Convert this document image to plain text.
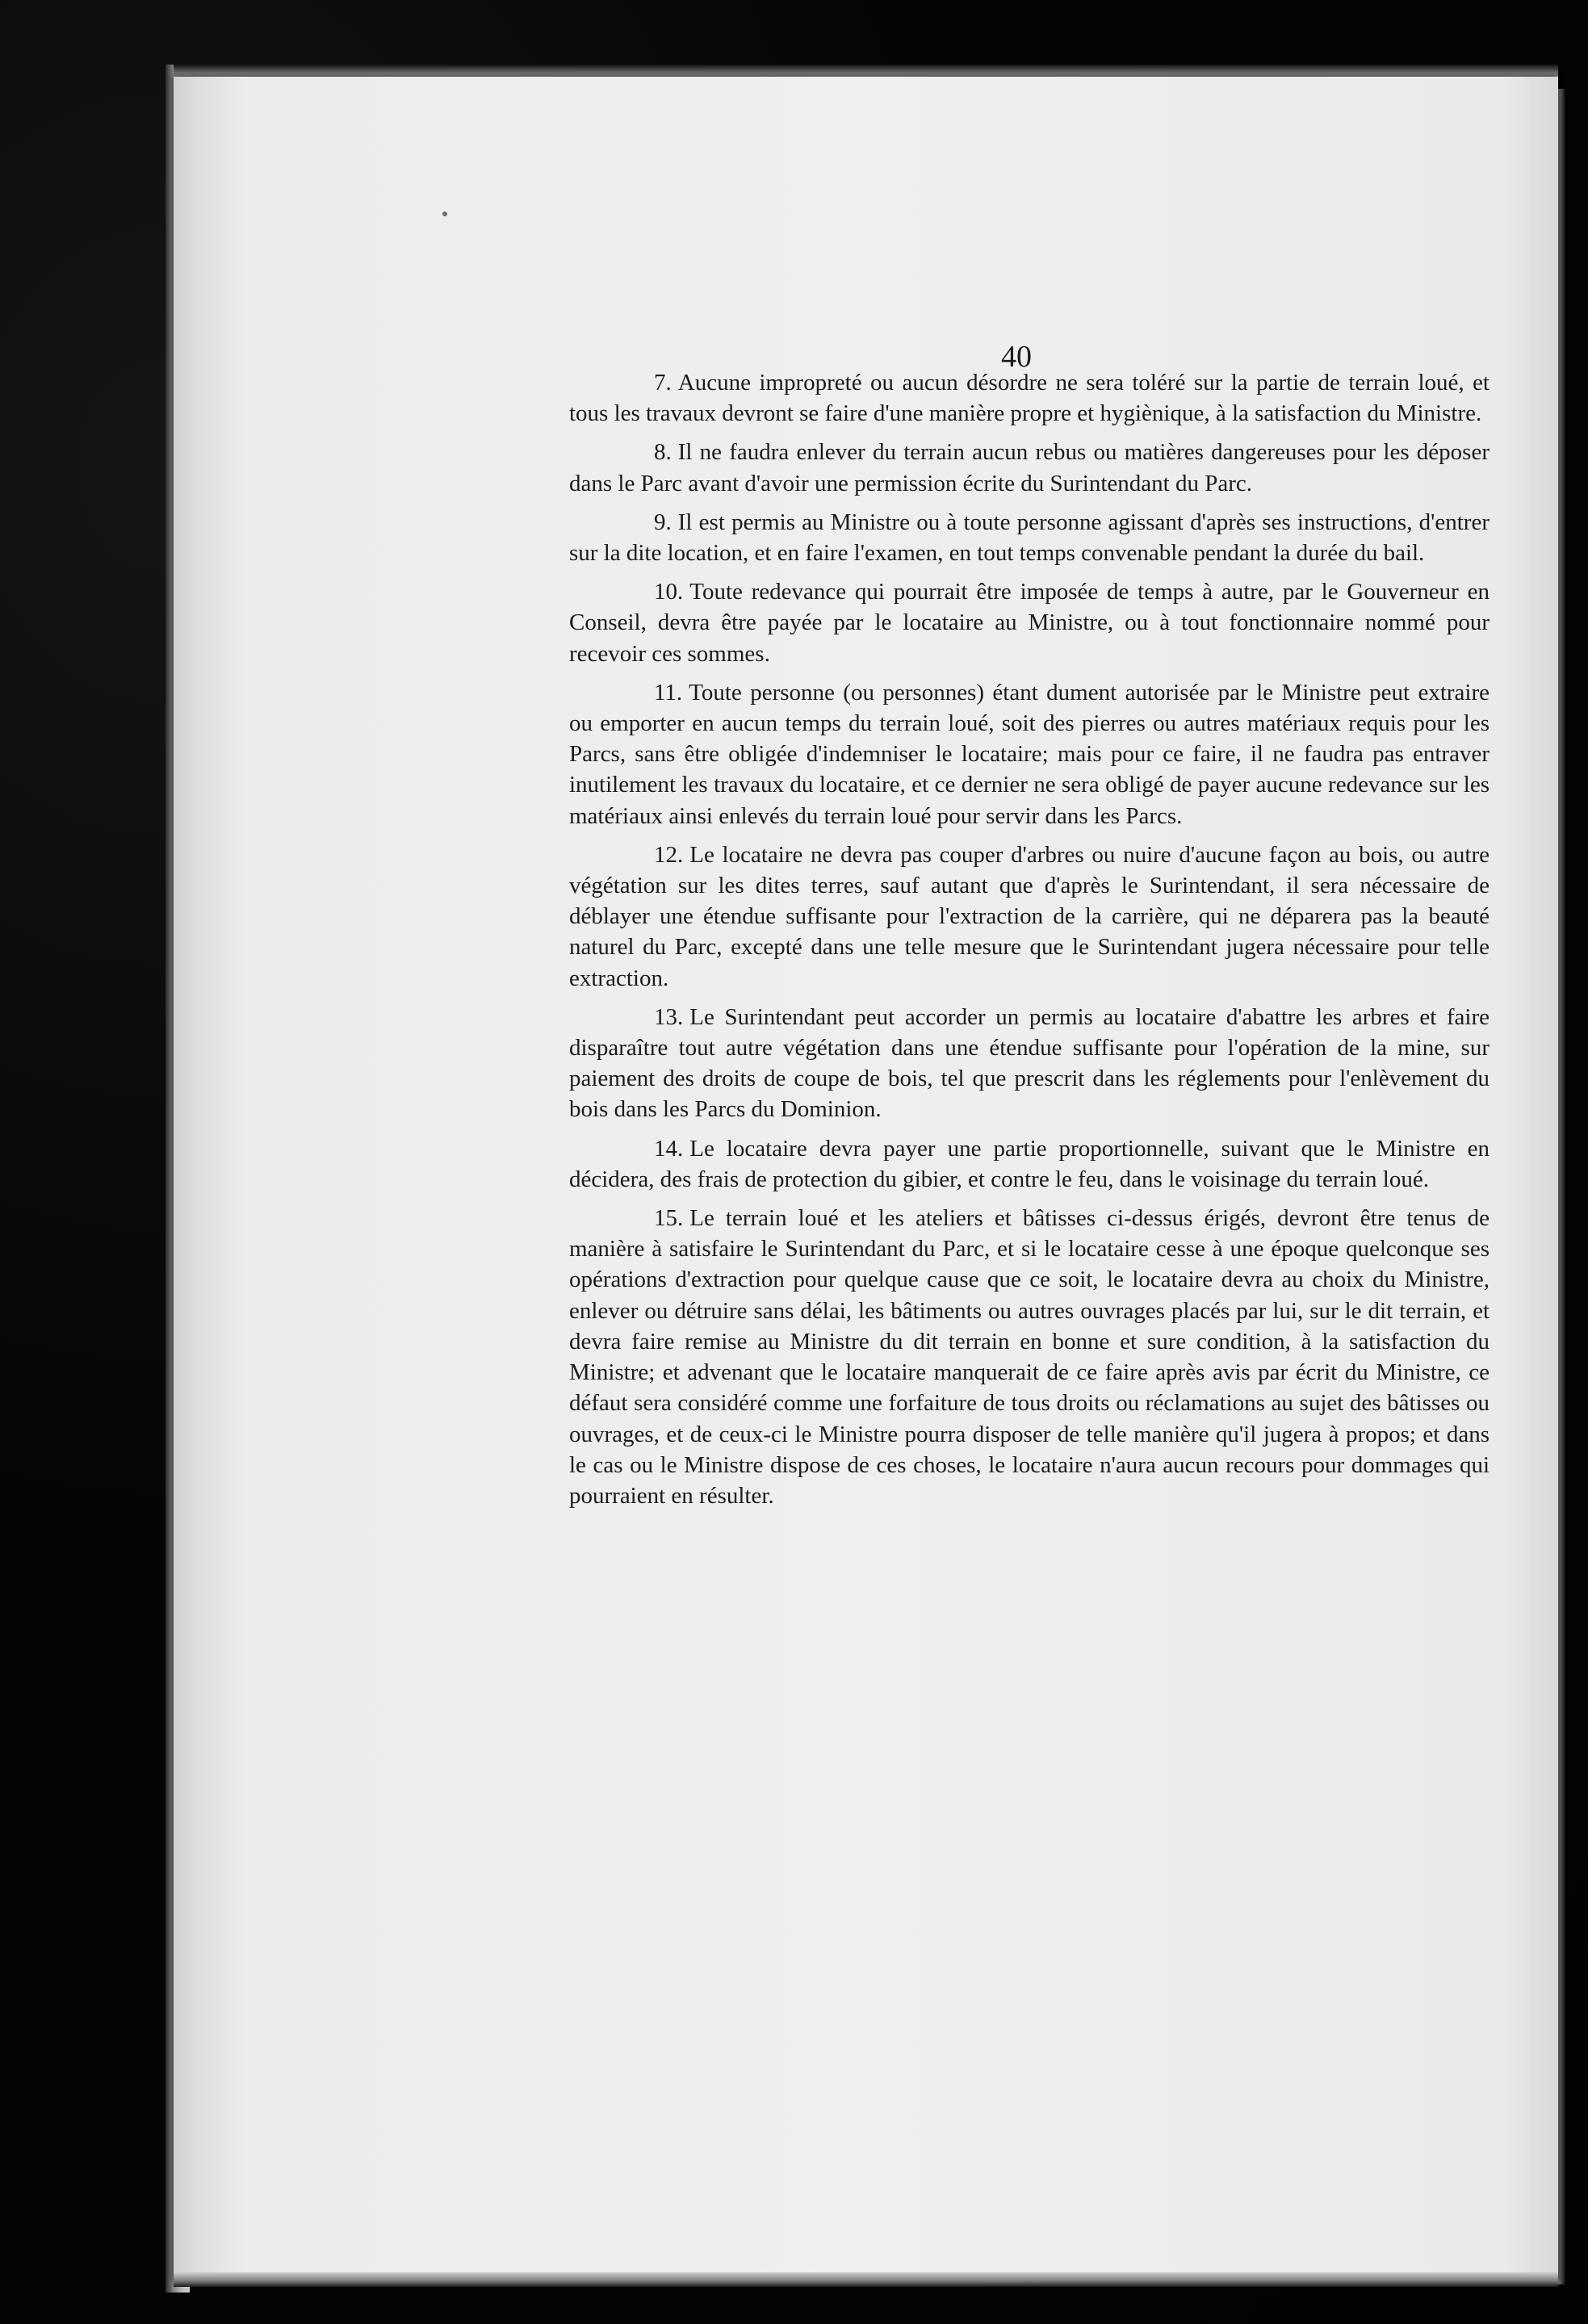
40

7. Aucune impropreté ou aucun désordre ne sera toléré sur la partie de terrain loué, et tous les travaux devront se faire d'une manière propre et hygiènique, à la satisfaction du Ministre.

8. Il ne faudra enlever du terrain aucun rebus ou matières dangereuses pour les déposer dans le Parc avant d'avoir une permission écrite du Surintendant du Parc.

9. Il est permis au Ministre ou à toute personne agissant d'après ses instructions, d'entrer sur la dite location, et en faire l'examen, en tout temps convenable pendant la durée du bail.

10. Toute redevance qui pourrait être imposée de temps à autre, par le Gouverneur en Conseil, devra être payée par le locataire au Ministre, ou à tout fonctionnaire nommé pour recevoir ces sommes.

11. Toute personne (ou personnes) étant dument autorisée par le Ministre peut extraire ou emporter en aucun temps du terrain loué, soit des pierres ou autres matériaux requis pour les Parcs, sans être obligée d'indemniser le locataire; mais pour ce faire, il ne faudra pas entraver inutilement les travaux du locataire, et ce dernier ne sera obligé de payer aucune redevance sur les matériaux ainsi enlevés du terrain loué pour servir dans les Parcs.

12. Le locataire ne devra pas couper d'arbres ou nuire d'aucune façon au bois, ou autre végétation sur les dites terres, sauf autant que d'après le Surintendant, il sera nécessaire de déblayer une étendue suffisante pour l'extraction de la carrière, qui ne déparera pas la beauté naturel du Parc, excepté dans une telle mesure que le Surintendant jugera nécessaire pour telle extraction.

13. Le Surintendant peut accorder un permis au locataire d'abattre les arbres et faire disparaître tout autre végétation dans une étendue suffisante pour l'opération de la mine, sur paiement des droits de coupe de bois, tel que prescrit dans les réglements pour l'enlèvement du bois dans les Parcs du Dominion.

14. Le locataire devra payer une partie proportionnelle, suivant que le Ministre en décidera, des frais de protection du gibier, et contre le feu, dans le voisinage du terrain loué.

15. Le terrain loué et les ateliers et bâtisses ci-dessus érigés, devront être tenus de manière à satisfaire le Surintendant du Parc, et si le locataire cesse à une époque quelconque ses opérations d'extraction pour quelque cause que ce soit, le locataire devra au choix du Ministre, enlever ou détruire sans délai, les bâtiments ou autres ouvrages placés par lui, sur le dit terrain, et devra faire remise au Ministre du dit terrain en bonne et sure condition, à la satisfaction du Ministre; et advenant que le locataire manquerait de ce faire après avis par écrit du Ministre, ce défaut sera considéré comme une forfaiture de tous droits ou réclamations au sujet des bâtisses ou ouvrages, et de ceux-ci le Ministre pourra disposer de telle manière qu'il jugera à propos; et dans le cas ou le Ministre dispose de ces choses, le locataire n'aura aucun recours pour dommages qui pourraient en résulter.
